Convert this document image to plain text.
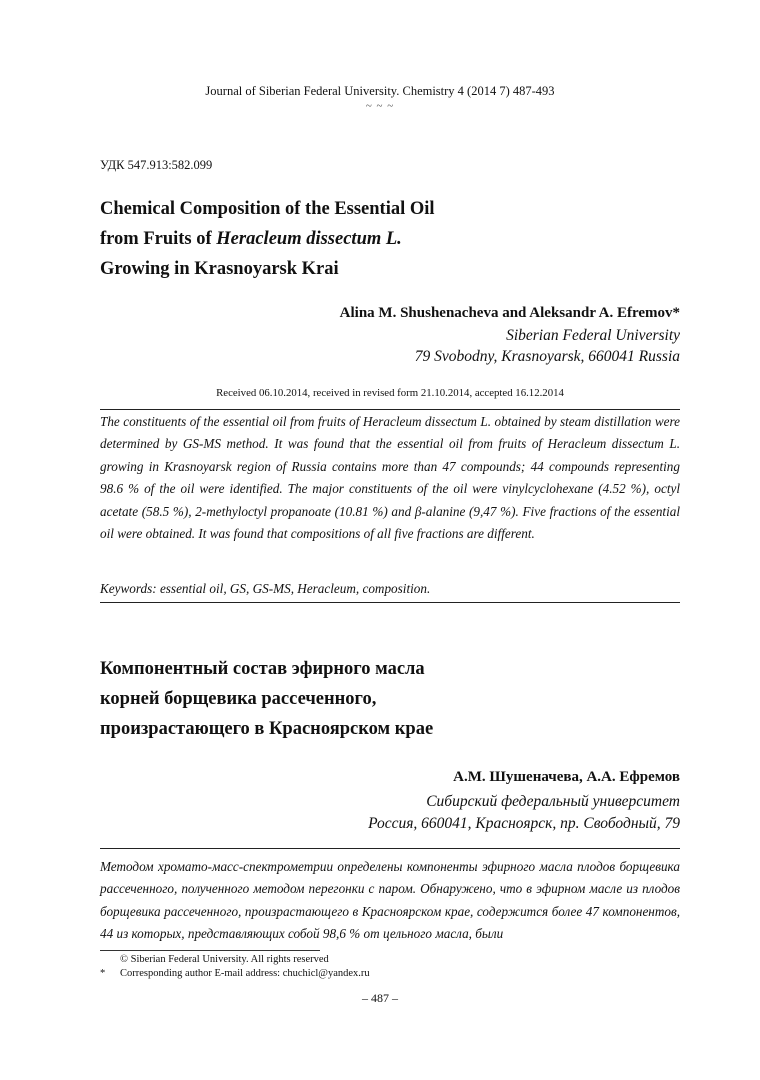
Journal of Siberian Federal University. Chemistry 4 (2014 7) 487-493
~ ~ ~
УДК 547.913:582.099
Chemical Composition of the Essential Oil
from Fruits of Heracleum dissectum L.
Growing in Krasnoyarsk Krai
Alina M. Shushenacheva and Aleksandr A. Efremov*
Siberian Federal University
79 Svobodny, Krasnoyarsk, 660041 Russia
Received 06.10.2014, received in revised form 21.10.2014, accepted 16.12.2014
The constituents of the essential oil from fruits of Heracleum dissectum L. obtained by steam distillation were determined by GS-MS method. It was found that the essential oil from fruits of Heracleum dissectum L. growing in Krasnoyarsk region of Russia contains more than 47 compounds; 44 compounds representing 98.6 % of the oil were identified. The major constituents of the oil were vinylcyclohexane (4.52 %), octyl acetate (58.5 %), 2-methyloctyl propanoate (10.81 %) and β-alanine (9,47 %). Five fractions of the essential oil were obtained. It was found that compositions of all five fractions are different.
Keywords: essential oil, GS, GS-MS, Heracleum, composition.
Компонентный состав эфирного масла
корней борщевика рассеченного,
произрастающего в Красноярском крае
А.М. Шушеначева, А.А. Ефремов
Сибирский федеральный университет
Россия, 660041, Красноярск, пр. Свободный, 79
Методом хромато-масс-спектрометрии определены компоненты эфирного масла плодов борщевика рассеченного, полученного методом перегонки с паром. Обнаружено, что в эфирном масле из плодов борщевика рассеченного, произрастающего в Красноярском крае, содержится более 47 компонентов, 44 из которых, представляющих собой 98,6 % от цельного масла, были
© Siberian Federal University. All rights reserved
* Corresponding author E-mail address: chuchicl@yandex.ru
– 487 –
